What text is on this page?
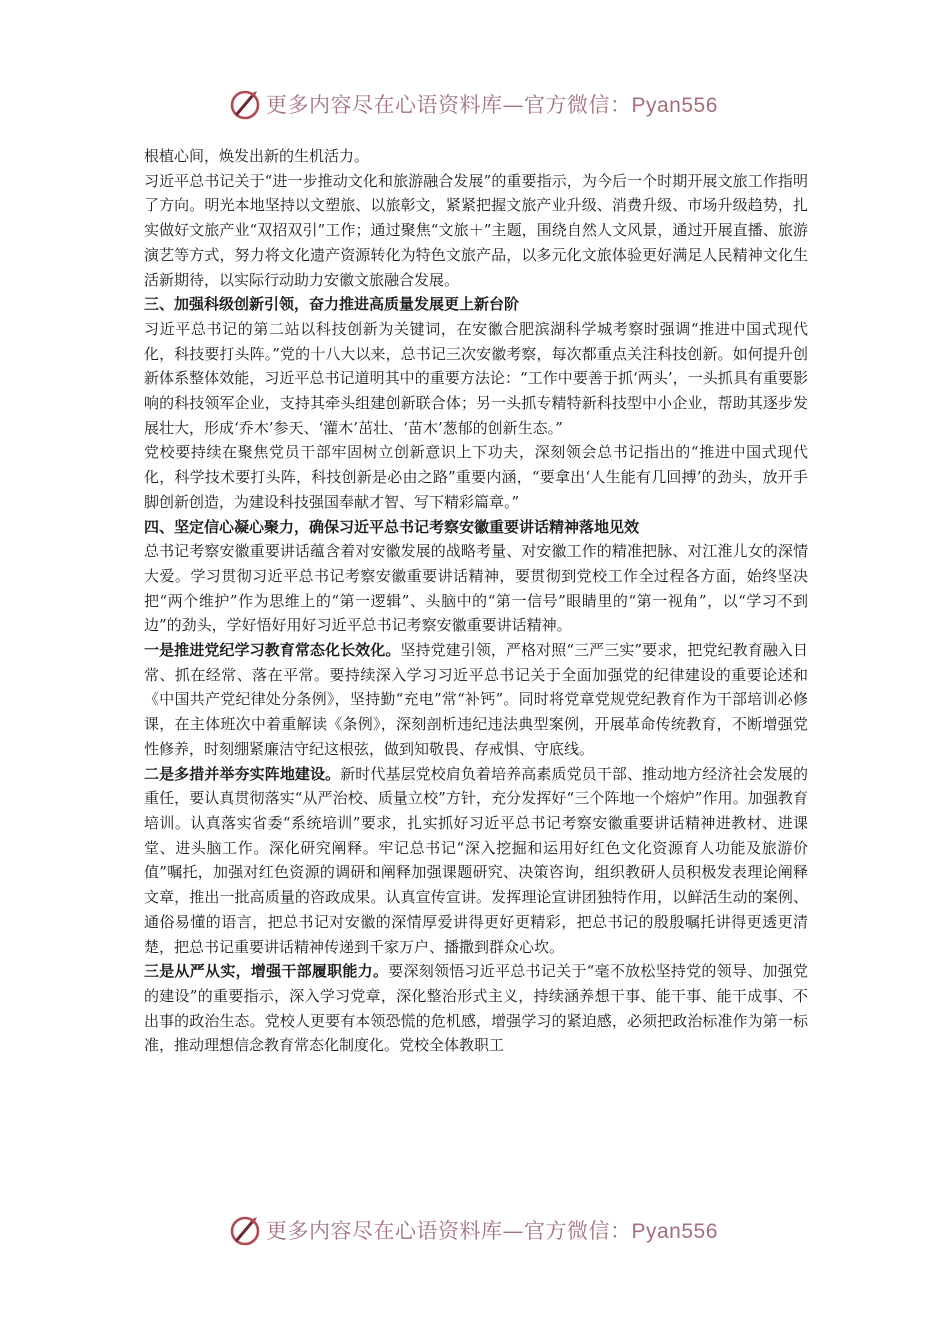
更多内容尽在心语资料库—官方微信：Pyan556

根植心间，焕发出新的生机活力。

习近平总书记关于“进一步推动文化和旅游融合发展”的重要指示，为今后一个时期开展文旅工作指明了方向。明光本地坚持以文塑旅、以旅彰文，紧紧把握文旅产业升级、消费升级、市场升级趋势，扎实做好文旅产业“双招双引”工作；通过聚焦“文旅＋”主题，围绕自然人文风景，通过开展直播、旅游演艺等方式，努力将文化遗产资源转化为特色文旅产品，以多元化文旅体验更好满足人民精神文化生活新期待，以实际行动助力安徽文旅融合发展。

三、加强科级创新引领，奋力推进高质量发展更上新台阶

习近平总书记的第二站以科技创新为关键词，在安徽合肥滨湖科学城考察时强调“推进中国式现代化，科技要打头阵。”党的十八大以来，总书记三次安徽考察，每次都重点关注科技创新。如何提升创新体系整体效能，习近平总书记道明其中的重要方法论：“工作中要善于抓‘两头’，一头抓具有重要影响的科技领军企业，支持其牵头组建创新联合体；另一头抓专精特新科技型中小企业，帮助其逐步发展壮大，形成‘乔木’参天、‘灌木’茁壮、‘苗木’葱郁的创新生态。”

党校要持续在聚焦党员干部牢固树立创新意识上下功夫，深刻领会总书记指出的“推进中国式现代化，科学技术要打头阵，科技创新是必由之路”重要内涵，“要拿出‘人生能有几回搏’的劲头，放开手脚创新创造，为建设科技强国奉献才智、写下精彩篇章。”

四、坚定信心凝心聚力，确保习近平总书记考察安徽重要讲话精神落地见效

总书记考察安徽重要讲话蕴含着对安徽发展的战略考量、对安徽工作的精准把脉、对江淮儿女的深情大爱。学习贯彻习近平总书记考察安徽重要讲话精神，要贯彻到党校工作全过程各方面，始终坚决把“两个维护”作为思维上的“第一逻辑”、头脑中的“第一信号”眼睛里的“第一视角”，以“学习不到边”的劲头，学好悟好用好习近平总书记考察安徽重要讲话精神。

一是推进党纪学习教育常态化长效化。坚持党建引领，严格对照“三严三实”要求，把党纪教育融入日常、抓在经常、落在平常。要持续深入学习习近平总书记关于全面加强党的纪律建设的重要论述和《中国共产党纪律处分条例》，坚持勤“充电”常“补钙”。同时将党章党规党纪教育作为干部培训必修课，在主体班次中着重解读《条例》，深刻剖析违纪违法典型案例，开展革命传统教育，不断增强党性修养，时刻绷紧廉洁守纪这根弦，做到知敬畏、存戒惧、守底线。

二是多措并举夯实阵地建设。新时代基层党校肩负着培养高素质党员干部、推动地方经济社会发展的重任，要认真贯彻落实“从严治校、质量立校”方针，充分发挥好“三个阵地一个熔炉”作用。加强教育培训。认真落实省委“系统培训”要求，扎实抓好习近平总书记考察安徽重要讲话精神进教材、进课堂、进头脑工作。深化研究阐释。牢记总书记“深入挖掘和运用好红色文化资源育人功能及旅游价值”嘱托，加强对红色资源的调研和阐释加强课题研究、决策咨询，组织教研人员积极发表理论阐释文章，推出一批高质量的咨政成果。认真宣传宣讲。发挥理论宣讲团独特作用，以鲜活生动的案例、通俗易懂的语言，把总书记对安徽的深情厚爱讲得更好更精彩，把总书记的殷殷嘱托讲得更透更清楚，把总书记重要讲话精神传递到千家万户、播撒到群众心坎。

三是从严从实，增强干部履职能力。要深刻领悟习近平总书记关于“毫不放松坚持党的领导、加强党的建设”的重要指示，深入学习党章，深化整治形式主义，持续涵养想干事、能干事、能干成事、不出事的政治生态。党校人更要有本领恐慌的危机感，增强学习的紧迫感，必须把政治标准作为第一标准，推动理想信念教育常态化制度化。党校全体教职工

更多内容尽在心语资料库—官方微信：Pyan556
